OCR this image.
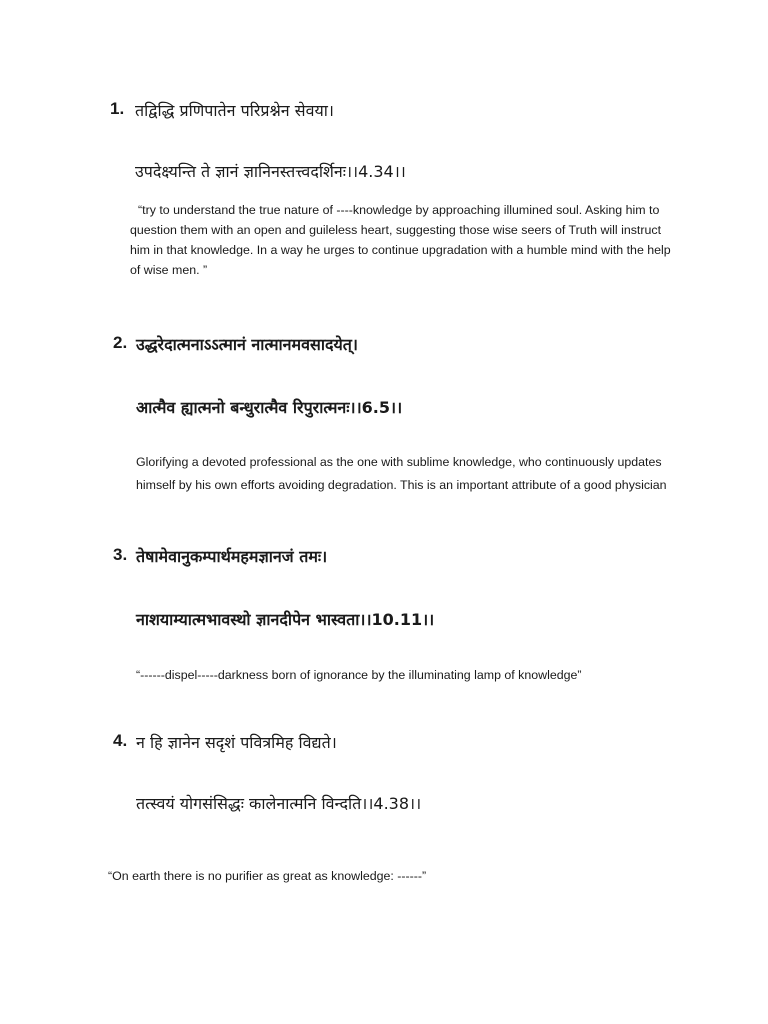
1. तद्विद्धि प्रणिपातेन परिप्रश्नेन सेवया।
उपदेक्ष्यन्ति ते ज्ञानं ज्ञानिनस्तत्त्वदर्शिनः।।4.34।।
“try to understand the true nature of ----knowledge by approaching illumined soul. Asking him to question them with an open and guileless heart, suggesting those wise seers of Truth will instruct him in that knowledge. In a way he urges to continue upgradation with a humble mind with the help of wise men. ”
2. उद्धरेदात्मनाऽऽत्मानं नात्मानमवसादयेत्।
आत्मैव ह्यात्मनो बन्धुरात्मैव रिपुरात्मनः।।6.5।।
Glorifying a devoted professional as the one with sublime knowledge, who continuously updates himself by his own efforts avoiding degradation. This is an important attribute of a good physician
3. तेषामेवानुकम्पार्थमहमज्ञानजं तमः।
नाशयाम्यात्मभावस्थो ज्ञानदीपेन भास्वता।।10.11।।
“------dispel-----darkness born of ignorance by the illuminating lamp of knowledge”
4. न हि ज्ञानेन सदृशं पवित्रमिह विद्यते।
तत्स्वयं योगसंसिद्धः कालेनात्मनि विन्दति।।4.38।।
“On earth there is no purifier as great as knowledge: ------”
